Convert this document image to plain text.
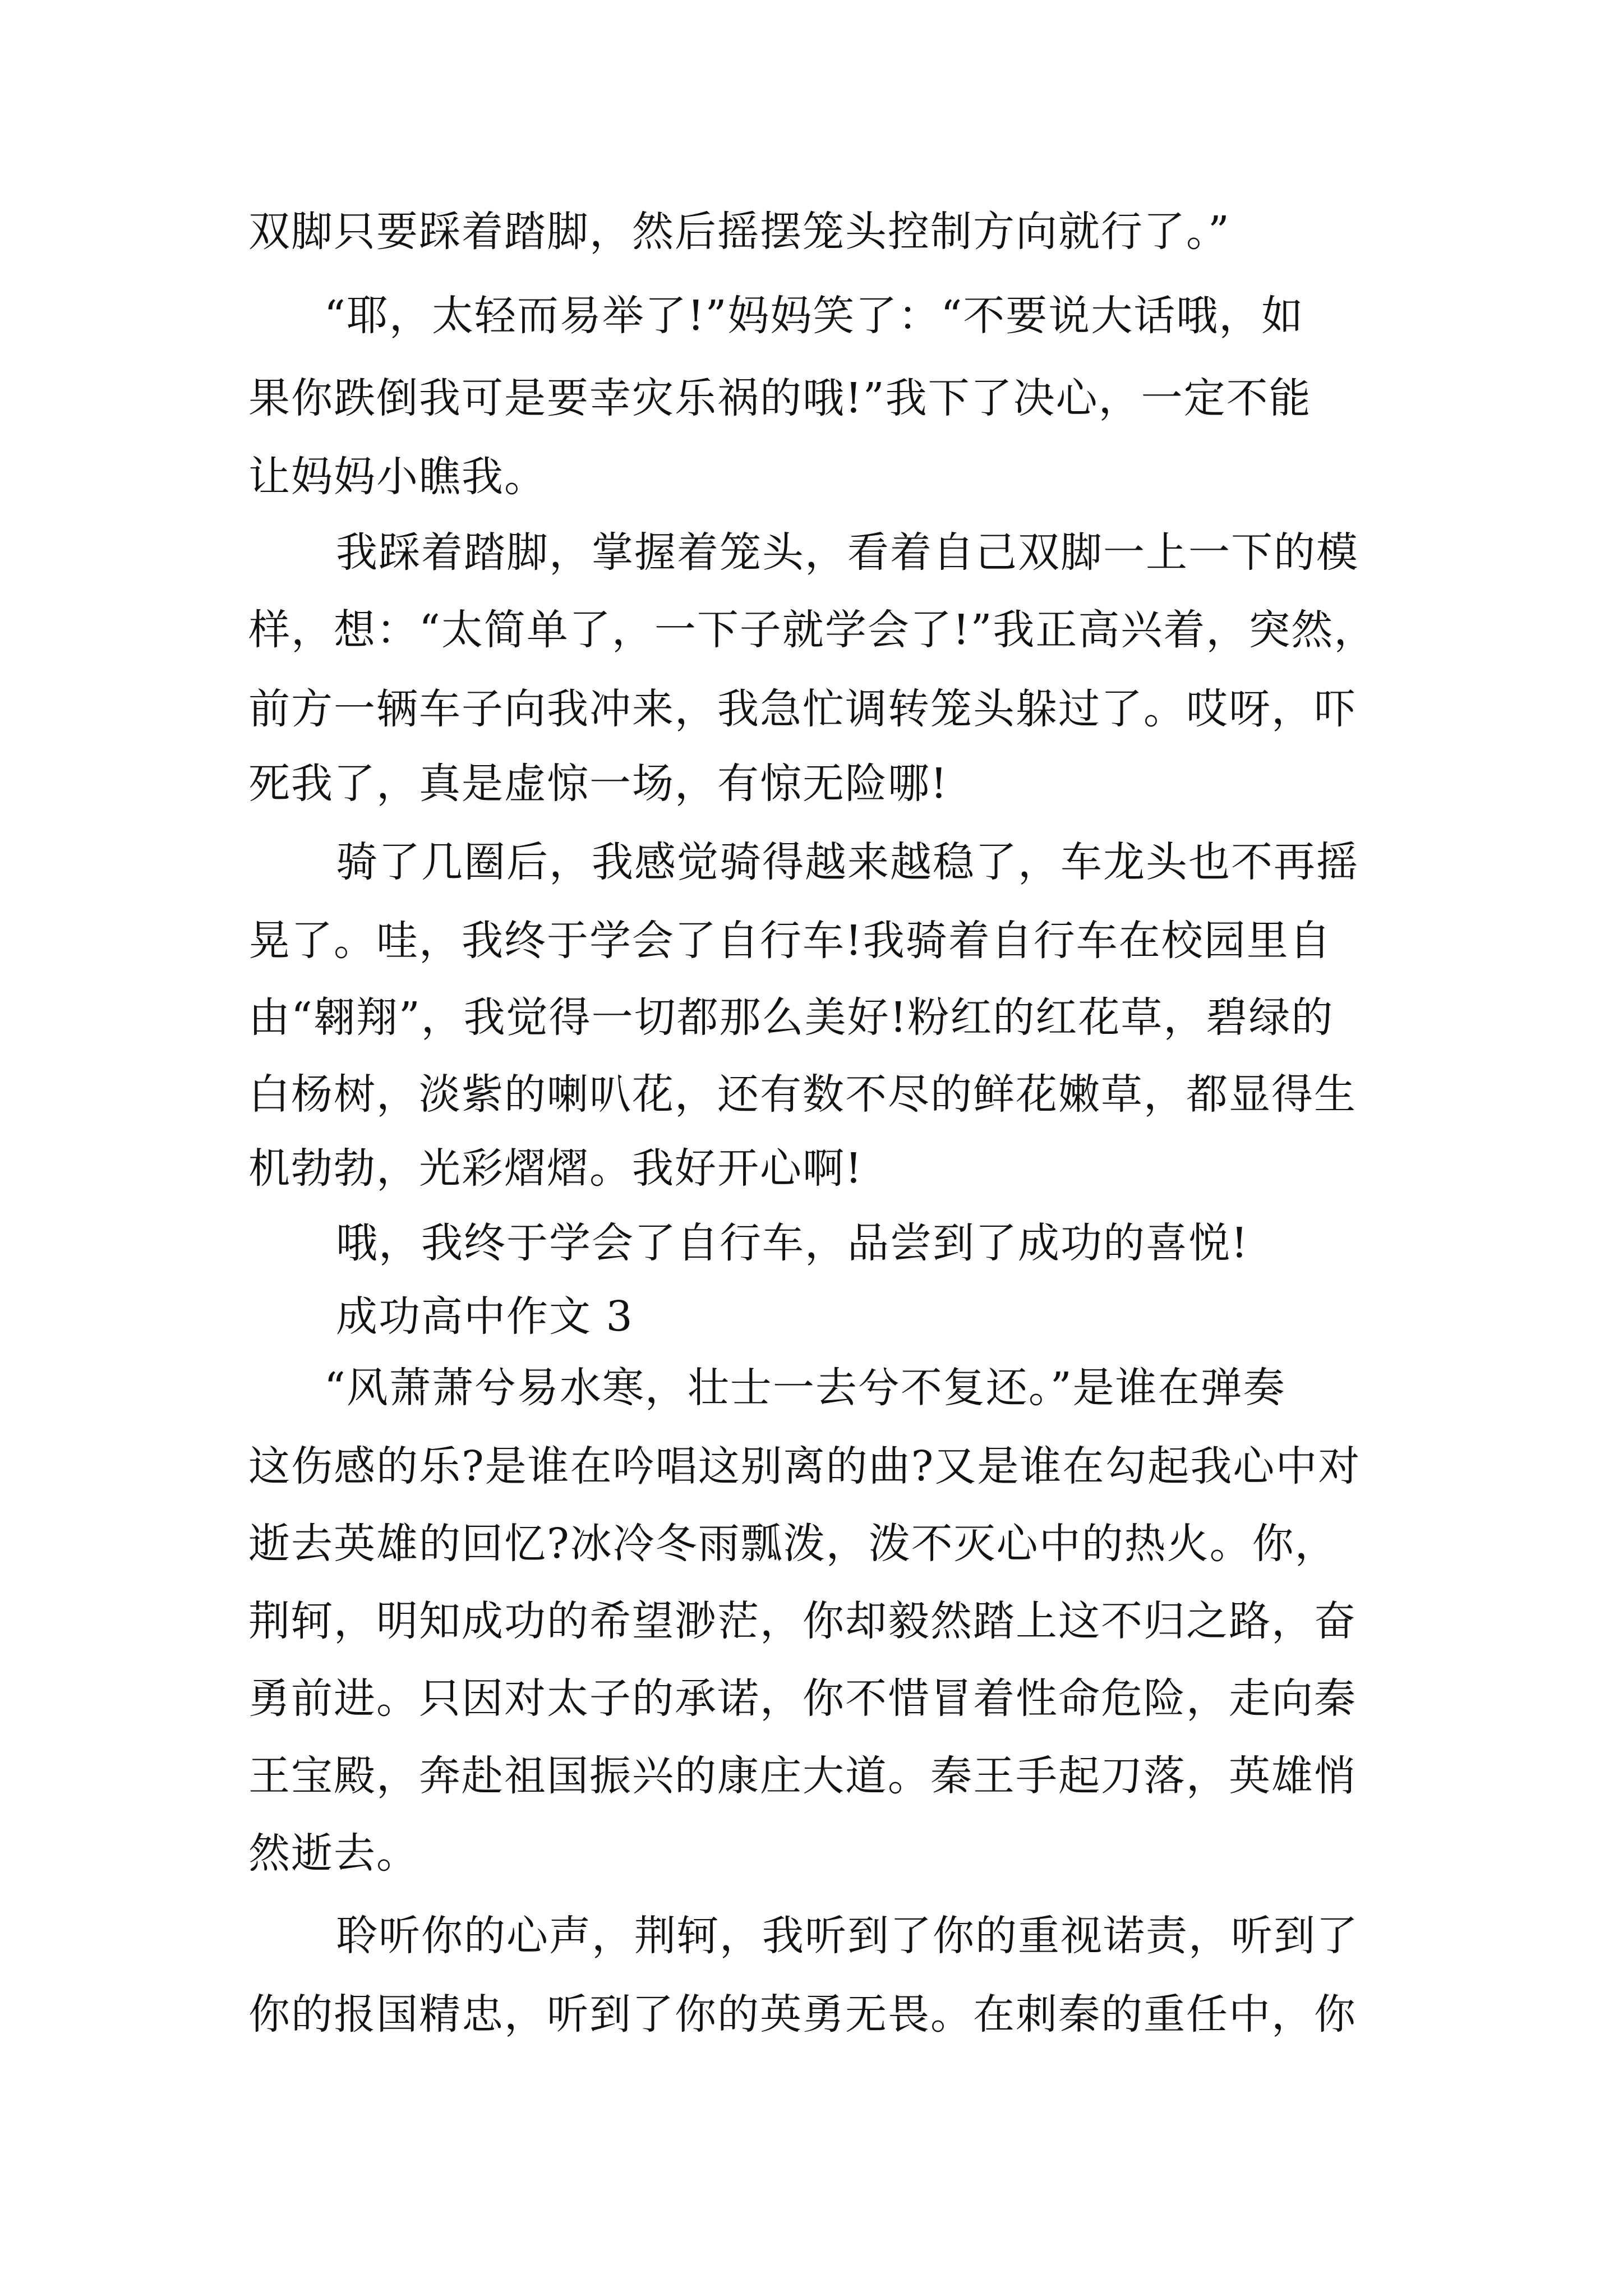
双脚只要踩着踏脚，然后摇摆笼头控制方向就行了。”
“耶，太轻而易举了!”妈妈笑了：“不要说大话哦，如
果你跌倒我可是要幸灾乐祸的哦!”我下了决心，一定不能
让妈妈小瞧我。
我踩着踏脚，掌握着笼头，看着自己双脚一上一下的模
样，想：“太简单了，一下子就学会了!”我正高兴着，突然，
前方一辆车子向我冲来，我急忙调转笼头躲过了。哎呀，吓
死我了，真是虚惊一场，有惊无险哪!
骑了几圈后，我感觉骑得越来越稳了，车龙头也不再摇
晃了。哇，我终于学会了自行车!我骑着自行车在校园里自
由“翱翔”，我觉得一切都那么美好!粉红的红花草，碧绿的
白杨树，淡紫的喇叭花，还有数不尽的鲜花嫩草，都显得生
机勃勃，光彩熠熠。我好开心啊!
哦，我终于学会了自行车，品尝到了成功的喜悦!
成功高中作文 3
“风萧萧兮易水寒，壮士一去兮不复还。”是谁在弹奏
这伤感的乐?是谁在吟唱这别离的曲?又是谁在勾起我心中对
逝去英雄的回忆?冰冷冬雨瓢泼，泼不灭心中的热火。你，
荆轲，明知成功的希望渺茫，你却毅然踏上这不归之路，奋
勇前进。只因对太子的承诺，你不惜冒着性命危险，走向秦
王宝殿，奔赴祖国振兴的康庄大道。秦王手起刀落，英雄悄
然逝去。
聆听你的心声，荆轲，我听到了你的重视诺责，听到了
你的报国精忠，听到了你的英勇无畏。在刺秦的重任中，你
